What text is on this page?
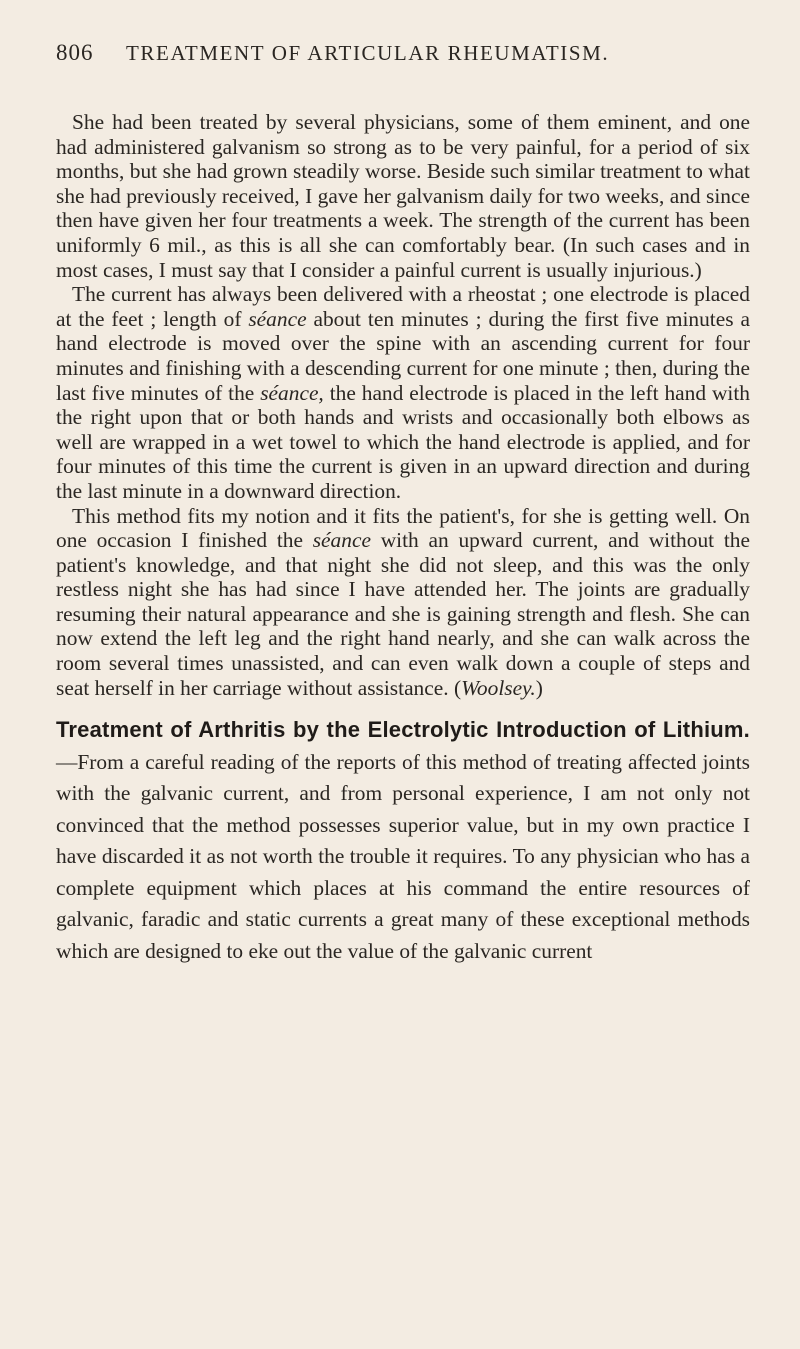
806	TREATMENT OF ARTICULAR RHEUMATISM.

She had been treated by several physicians, some of them eminent, and one had administered galvanism so strong as to be very painful, for a period of six months, but she had grown steadily worse. Beside such similar treatment to what she had previously received, I gave her galvanism daily for two weeks, and since then have given her four treatments a week. The strength of the current has been uniformly 6 mil., as this is all she can comfortably bear. (In such cases and in most cases, I must say that I consider a painful current is usually injurious.)

The current has always been delivered with a rheostat ; one electrode is placed at the feet ; length of séance about ten minutes ; during the first five minutes a hand electrode is moved over the spine with an ascending current for four minutes and finishing with a descending current for one minute ; then, during the last five minutes of the séance, the hand electrode is placed in the left hand with the right upon that or both hands and wrists and occasionally both elbows as well are wrapped in a wet towel to which the hand electrode is applied, and for four minutes of this time the current is given in an upward direction and during the last minute in a downward direction.

This method fits my notion and it fits the patient's, for she is getting well. On one occasion I finished the séance with an upward current, and without the patient's knowledge, and that night she did not sleep, and this was the only restless night she has had since I have attended her. The joints are gradually resuming their natural appearance and she is gaining strength and flesh. She can now extend the left leg and the right hand nearly, and she can walk across the room several times unassisted, and can even walk down a couple of steps and seat herself in her carriage without assistance. (Woolsey.)

Treatment of Arthritis by the Electrolytic Introduction of Lithium.—From a careful reading of the reports of this method of treating affected joints with the galvanic current, and from personal experience, I am not only not convinced that the method possesses superior value, but in my own practice I have discarded it as not worth the trouble it requires. To any physician who has a complete equipment which places at his command the entire resources of galvanic, faradic and static currents a great many of these exceptional methods which are designed to eke out the value of the galvanic current
